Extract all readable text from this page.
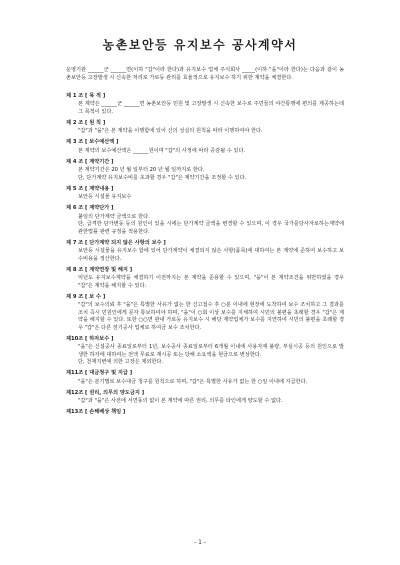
농촌보안등 유지보수 공사계약서

운영기관 ______군 ______면(이하 "갑"이라 한다)과 유지보수 업체 주식회사 _____(이하 "을"이라 한다)는 다음과 같이 농촌보안등 고장발생 시 신속한 처리로 가로등 관리를 효율적으로 유지보수 하기 위한 계약을 체결한다.

제 1 조 [ 목 적 ]

본 계약은 ______군 ______면 농촌보안등 민원 및 고장발생 시 신속한 보수로 주민들의 야간통행에 편의를 제공하는데 그 목적이 있다.

제 2 조 [ 원 칙 ]

"갑"과 "을"은 본 계약을 이행함에 있어 신의 성실의 원칙을 따라 이행하여야 한다.

제 3 조 [ 보수예산액 ]

본 계약의 보수예산액은 ______원이며 "갑"의 사정에 따라 증감될 수 있다.

제 4 조 [ 계약기간 ]

본 계약기간은 20 년 월 일부터 20 년 월 일까지로 한다.

단, 단가계약 유지보수비를 초과할 경우 "갑"은 계약기간을 조정할 수 있다.

제 5 조 [ 계약내용 ]

보안등 시설물 유지보수

제 6 조 [ 계약단가 ]

붙임의 단가계약 금액으로 한다.

단, 급격한 단가변동 등의 원인이 있을 시에는 단가계약 금액을 변경할 수 있으며, 이 경우 국가를당사자로하는계약에관한법률 관련 규정을 적용한다.

제 7 조 [ 단가계약 되지 않은 사항의 보수 ]

보안등 시설물을 유지보수 함에 있어 단가계약이 체결되지 않은 사항(품목)에 대하여는 본 계약에 준하여 보수하고 보수비용을 정산한다.

제 8 조 [ 계약연장 및 해지 ]

익년도 유지보수계약을 체결하기 이전까지는 본 계약을 준용할 수 있으며, "을"이 본 계약조건을 위반하였을 경우 "갑"은 계약을 해지할 수 있다.

제 9 조 [ 보 수 ]

"갑"의 보수의뢰 후 "을"은 특별한 사유가 없는 한 신고접수 후 ○분 이내에 현장에 도착하여 보수 조치하고 그 결과를 조치 즉시 민원인에게 문자 통보하여야 하며, "을"이 ○회 이상 보수를 지체하여 시민의 불편을 초래할 경우 "갑"은 계약을 해지할 수 있다. 또한 ○○면 관내 가로등 유지보수 시 해당 계약업체가 보수를 지연하여 시민의 불편을 초래할 경우 "갑"은 다른 전기공사 업체로 하여금 보수 조치한다.

제10조 [ 하자보수 ]

"을"은 신설공사 종료일로부터 1년, 보수공사 종료일로부터 6개월 이내에 사용자재 불량, 부실시공 등의 원인으로 발생한 하자에 대하여는 전액 무료로 재시공 또는 당해 소요액을 현금으로 변상한다.

단, 천재지변에 의한 고장은 제외한다.

제11조 [ 대금청구 및 지급 ]

"을"은 분기별로 보수대금 청구를 원칙으로 하며, "갑"은 특별한 사유가 없는 한 ○일 이내에 지급한다.

제12조 [ 권리, 의무의 양도금지 ]

"갑"과 "을"은 사전에 서면동의 없이 본 계약에 따른 권리, 의무를 타인에게 양도할 수 없다.

제13조 [ 손해배상 책임 ]

- 1 -
